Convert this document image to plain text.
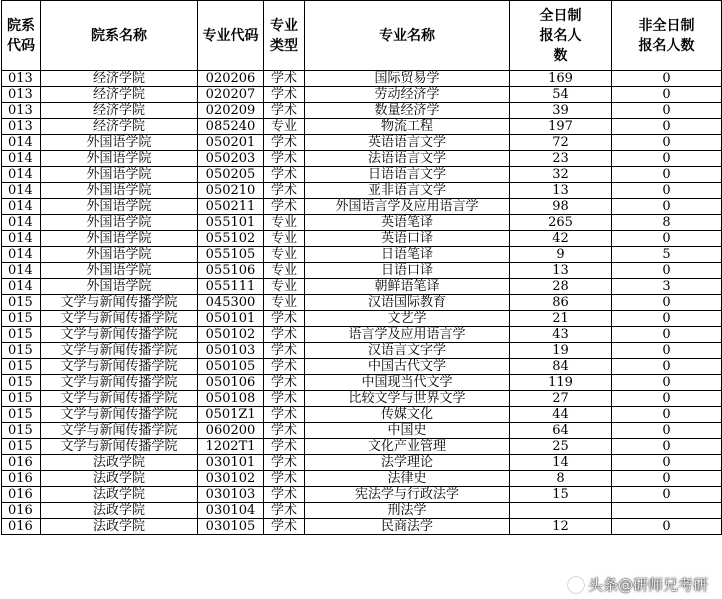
院系代码	院系名称	专业代码	专业类型	专业名称	全日制报名人数	非全日制报名人数
013	经济学院	020206	学术	国际贸易学	169	0
013	经济学院	020207	学术	劳动经济学	54	0
013	经济学院	020209	学术	数量经济学	39	0
013	经济学院	085240	专业	物流工程	197	0
014	外国语学院	050201	学术	英语语言文学	72	0
014	外国语学院	050203	学术	法语语言文学	23	0
014	外国语学院	050205	学术	日语语言文学	32	0
014	外国语学院	050210	学术	亚非语言文学	13	0
014	外国语学院	050211	学术	外国语言学及应用语言学	98	0
014	外国语学院	055101	专业	英语笔译	265	8
014	外国语学院	055102	专业	英语口译	42	0
014	外国语学院	055105	专业	日语笔译	9	5
014	外国语学院	055106	专业	日语口译	13	0
014	外国语学院	055111	专业	朝鲜语笔译	28	3
015	文学与新闻传播学院	045300	专业	汉语国际教育	86	0
015	文学与新闻传播学院	050101	学术	文艺学	21	0
015	文学与新闻传播学院	050102	学术	语言学及应用语言学	43	0
015	文学与新闻传播学院	050103	学术	汉语言文字学	19	0
015	文学与新闻传播学院	050105	学术	中国古代文学	84	0
015	文学与新闻传播学院	050106	学术	中国现当代文学	119	0
015	文学与新闻传播学院	050108	学术	比较文学与世界文学	27	0
015	文学与新闻传播学院	0501Z1	学术	传媒文化	44	0
015	文学与新闻传播学院	060200	学术	中国史	64	0
015	文学与新闻传播学院	1202T1	学术	文化产业管理	25	0
016	法政学院	030101	学术	法学理论	14	0
016	法政学院	030102	学术	法律史	8	0
016	法政学院	030103	学术	宪法学与行政法学	15	0
016	法政学院	030104	学术	刑法学		
016	法政学院	030105	学术	民商法学	12	0
头条@研师兄考研
